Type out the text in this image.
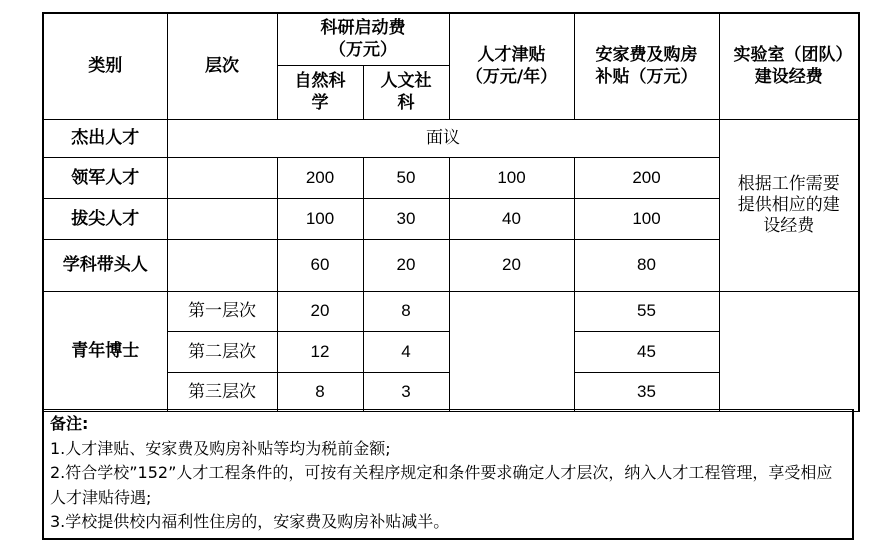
类别	层次	科研启动费（万元）		人才津贴（万元/年）	安家费及购房补贴（万元）	实验室（团队）建设经费
		自然科学	人文社科			
杰出人才	面议					根据工作需要提供相应的建设经费
领军人才		200	50	100	200	
拔尖人才		100	30	40	100	
学科带头人		60	20	20	80	
青年博士	第一层次	20	8		55	
	第二层次	12	4		45	
	第三层次	8	3		35	
备注:
1.人才津贴、安家费及购房补贴等均为税前金额;
2.符合学校”152”人才工程条件的，可按有关程序规定和条件要求确定人才层次，纳入人才工程管理，享受相应人才津贴待遇;
3.学校提供校内福利性住房的，安家费及购房补贴减半。
